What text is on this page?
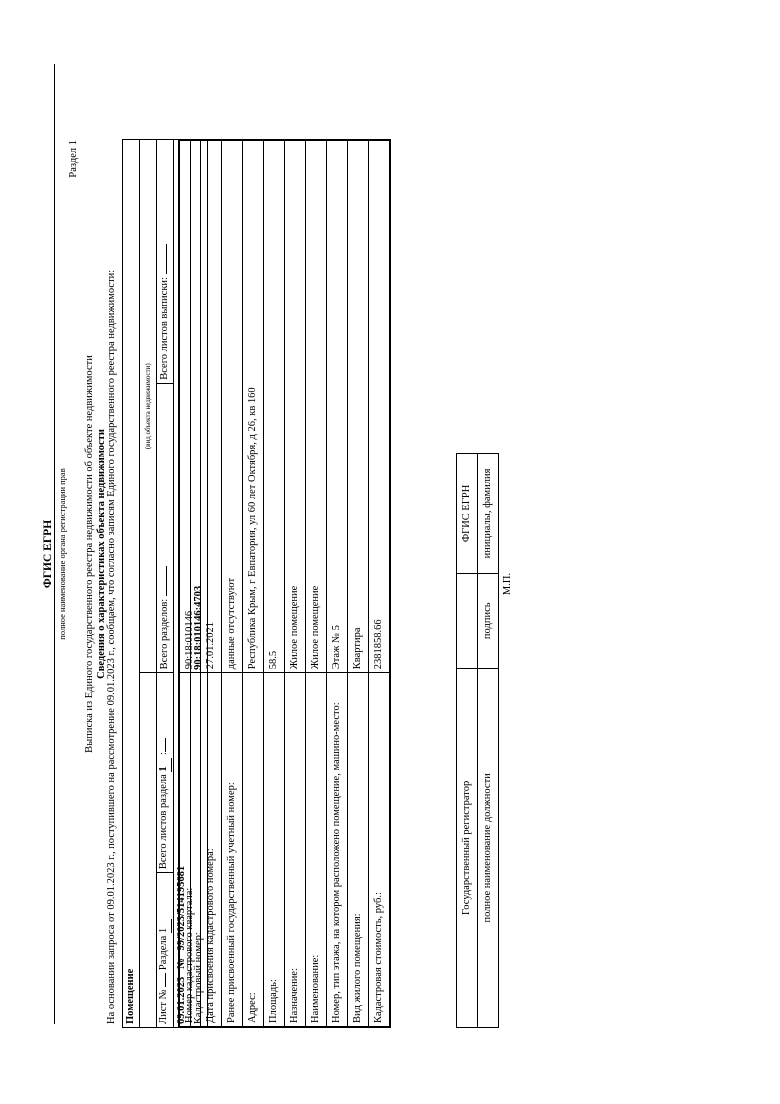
ФГИС ЕГРН полное наименование органа регистрации прав
Раздел 1
Выписка из Единого государственного реестра недвижимости об объекте недвижимости Сведения о характеристиках объекта недвижимости На основании запроса от 09.01.2023 г., поступившего на рассмотрение 09.01.2023 г., сообщаем, что согласно записям Единого государственного реестра недвижимости: Помещение			
		(вид объекта недвижимости)	
Лист №  Раздела 1	Всего листов раздела 1 :	Всего разделов:	Всего листов выписки:
09.01.2023   №   99/2023/514195681			
Кадастровый номер:		90:18:010146:4703	
Номер кадастрового квартала:	90:18:010146
Дата присвоения кадастрового номера:	27.01.2021
Ранее присвоенный государственный учетный номер:	данные отсутствуют
Адрес:	Республика Крым, г Евпатория, ул 60 лет Октября, д 26, кв 160
Площадь:	58.5
Назначение:	Жилое помещение
Наименование:	Жилое помещение
Номер, тип этажа, на котором расположено помещение, машино-место:	Этаж № 5
Вид жилого помещения:	Квартира
Кадастровая стоимость, руб.:	2381858.66
Государственный регистратор		ФГИС ЕГРН
полное наименование должности	подпись	инициалы, фамилия
М.П.
